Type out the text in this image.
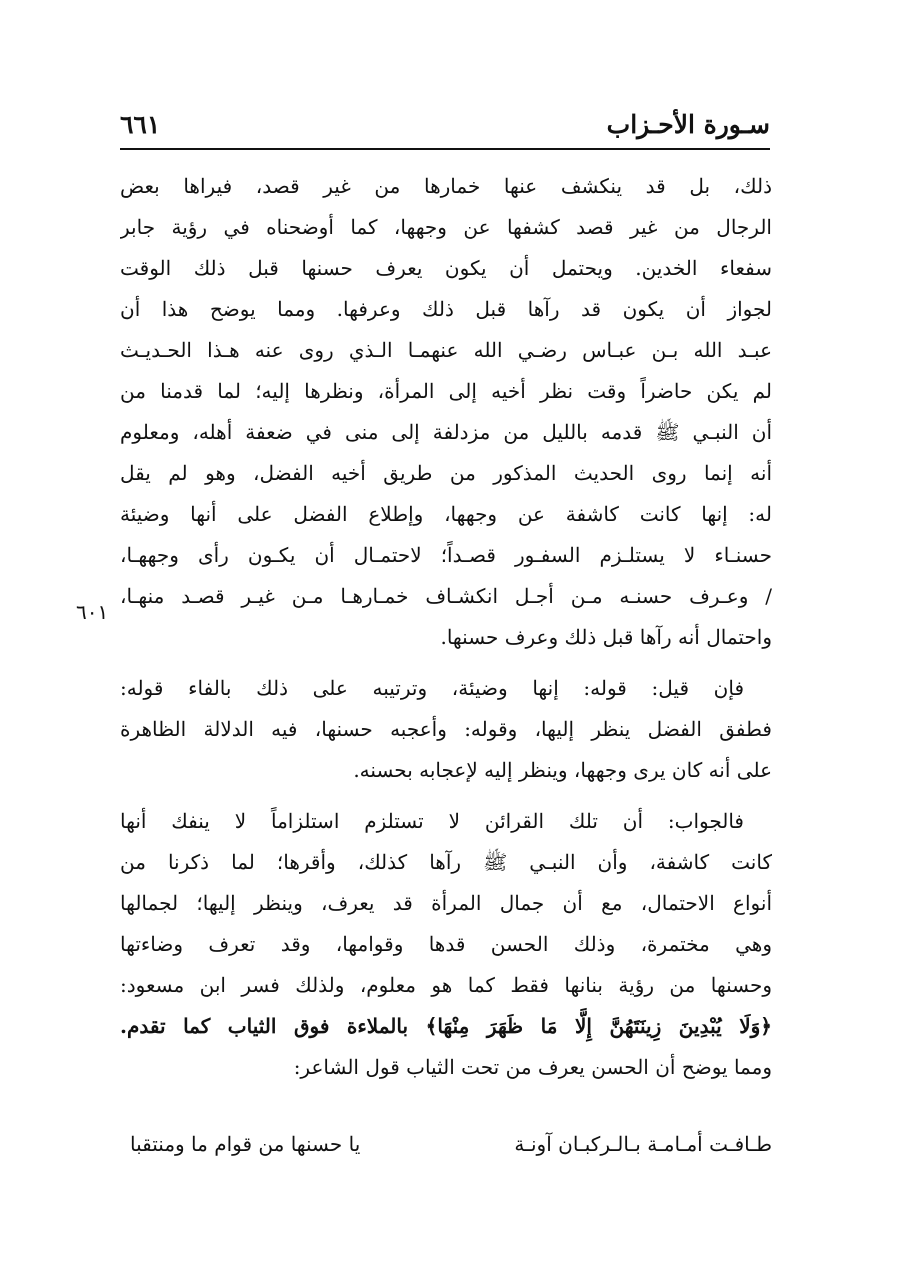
سـورة الأحـزاب
٦٦١
٦٠١
ذلك، بل قد ينكشف عنها خمارها من غير قصد، فيراها بعض
الرجال من غير قصد كشفها عن وجهها، كما أوضحناه في رؤية جابر
سفعاء الخدين. ويحتمل أن يكون يعرف حسنها قبل ذلك الوقت
لجواز أن يكون قد رآها قبل ذلك وعرفها. ومما يوضح هذا أن
عبـد الله بـن عبـاس رضـي الله عنهمـا الـذي روى عنه هـذا الحـديـث
لم يكن حاضراً وقت نظر أخيه إلى المرأة، ونظرها إليه؛ لما قدمنا من
أن النبـي ﷺ قدمه بالليل من مزدلفة إلى منى في ضعفة أهله، ومعلوم
أنه إنما روى الحديث المذكور من طريق أخيه الفضل، وهو لم يقل
له: إنها كانت كاشفة عن وجهها، وإطلاع الفضل على أنها وضيئة
حسنـاء لا يستلـزم السفـور قصـداً؛ لاحتمـال أن يكـون رأى وجههـا،
/ وعـرف حسنـه مـن أجـل انكشـاف خمـارهـا مـن غيـر قصـد منهـا،
واحتمال أنه رآها قبل ذلك وعرف حسنها.
فإن قيل: قوله: إنها وضيئة، وترتيبه على ذلك بالفاء قوله:
فطفق الفضل ينظر إليها، وقوله: وأعجبه حسنها، فيه الدلالة الظاهرة
على أنه كان يرى وجهها، وينظر إليه لإعجابه بحسنه.
فالجواب: أن تلك القرائن لا تستلزم استلزاماً لا ينفك أنها
كانت كاشفة، وأن النبـي ﷺ رآها كذلك، وأقرها؛ لما ذكرنا من
أنواع الاحتمال، مع أن جمال المرأة قد يعرف، وينظر إليها؛ لجمالها
وهي مختمرة، وذلك الحسن قدها وقوامها، وقد تعرف وضاءتها
وحسنها من رؤية بنانها فقط كما هو معلوم، ولذلك فسر ابن مسعود:
﴿وَلَا يُبْدِينَ زِينَتَهُنَّ إِلَّا مَا ظَهَرَ مِنْهَا﴾ بالملاءة فوق الثياب كما تقدم.
ومما يوضح أن الحسن يعرف من تحت الثياب قول الشاعر:
طـافـت أمـامـة بـالـركبـان آونـة
يا حسنها من قوام ما ومنتقبا
